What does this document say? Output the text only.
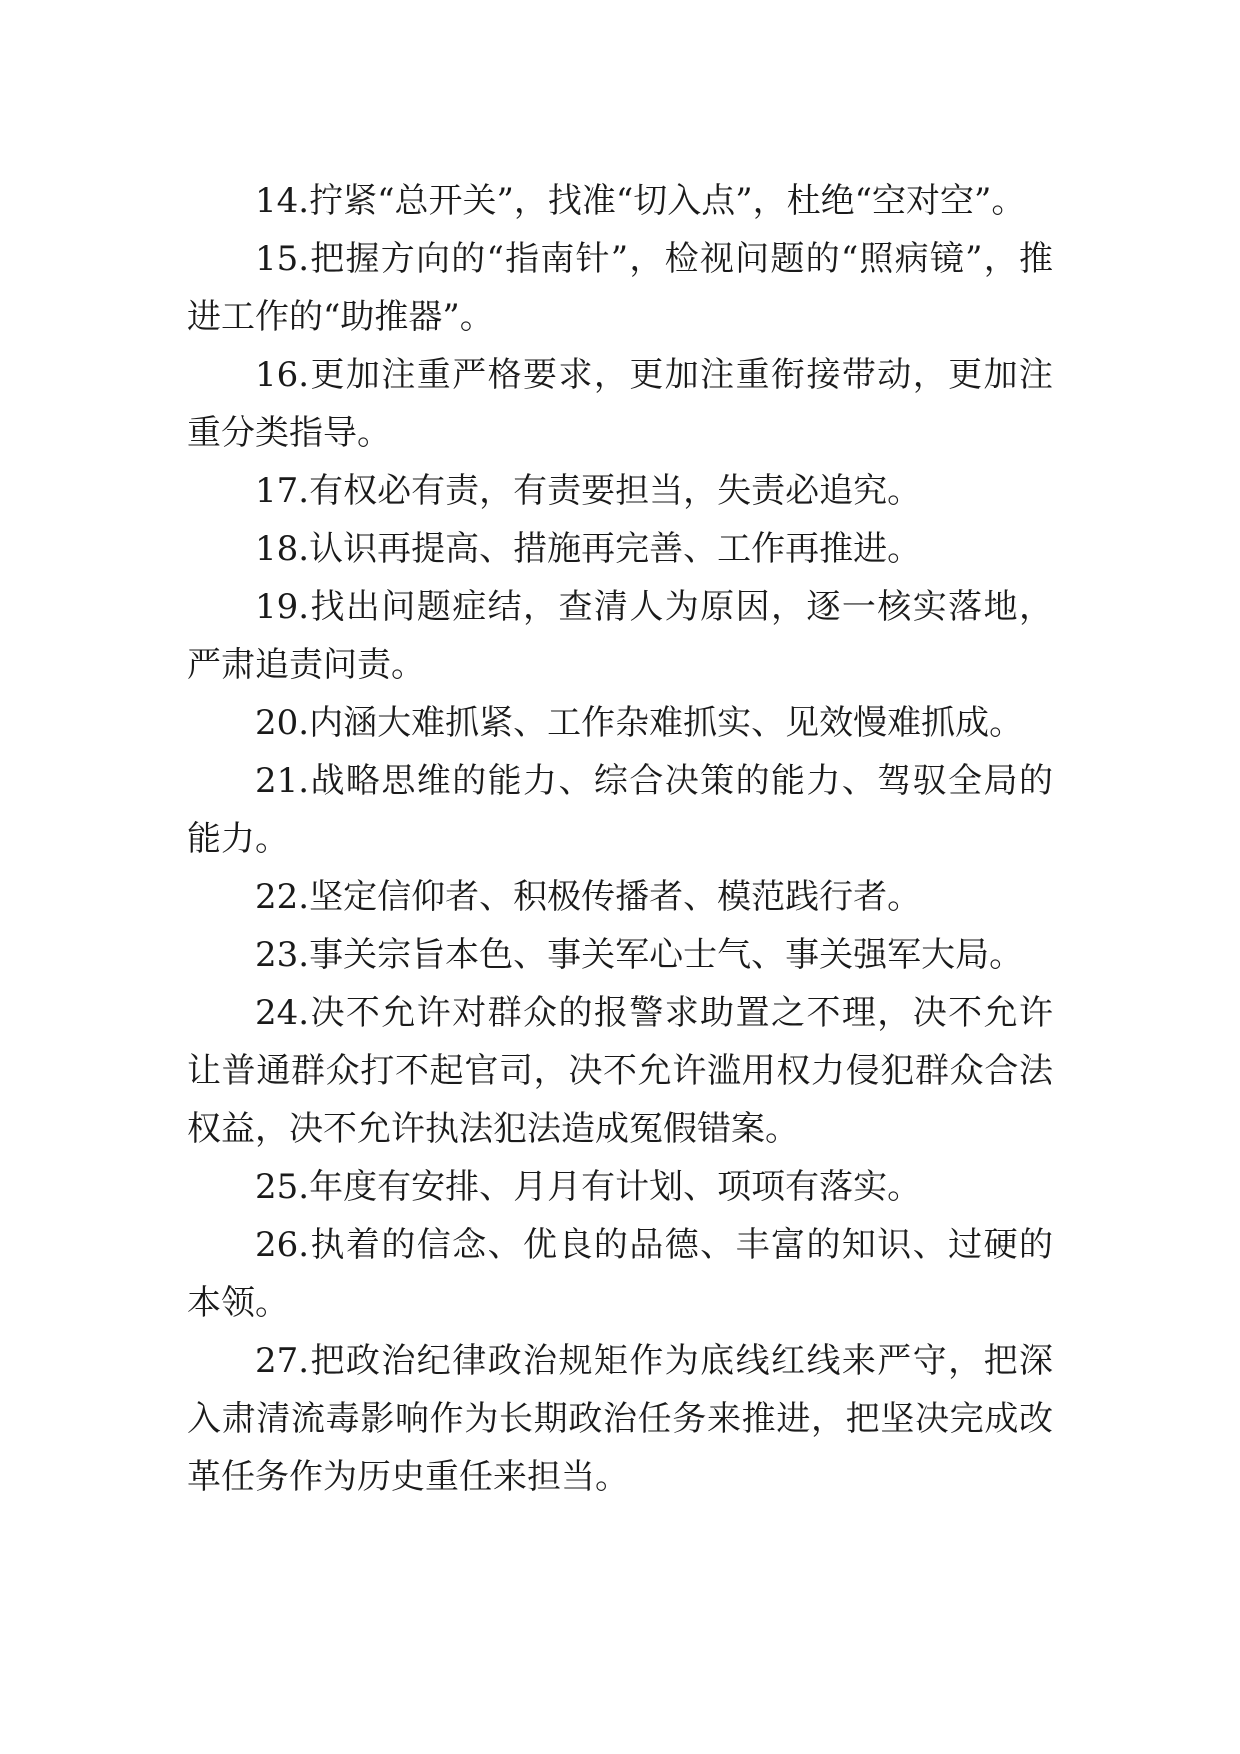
14.拧紧“总开关”，找准“切入点”，杜绝“空对空”。

15.把握方向的“指南针”，检视问题的“照病镜”，推进工作的“助推器”。

16.更加注重严格要求，更加注重衔接带动，更加注重分类指导。

17.有权必有责，有责要担当，失责必追究。

18.认识再提高、措施再完善、工作再推进。

19.找出问题症结，查清人为原因，逐一核实落地，严肃追责问责。

20.内涵大难抓紧、工作杂难抓实、见效慢难抓成。

21.战略思维的能力、综合决策的能力、驾驭全局的能力。

22.坚定信仰者、积极传播者、模范践行者。

23.事关宗旨本色、事关军心士气、事关强军大局。

24.决不允许对群众的报警求助置之不理，决不允许让普通群众打不起官司，决不允许滥用权力侵犯群众合法权益，决不允许执法犯法造成冤假错案。

25.年度有安排、月月有计划、项项有落实。

26.执着的信念、优良的品德、丰富的知识、过硬的本领。

27.把政治纪律政治规矩作为底线红线来严守，把深入肃清流毒影响作为长期政治任务来推进，把坚决完成改革任务作为历史重任来担当。
